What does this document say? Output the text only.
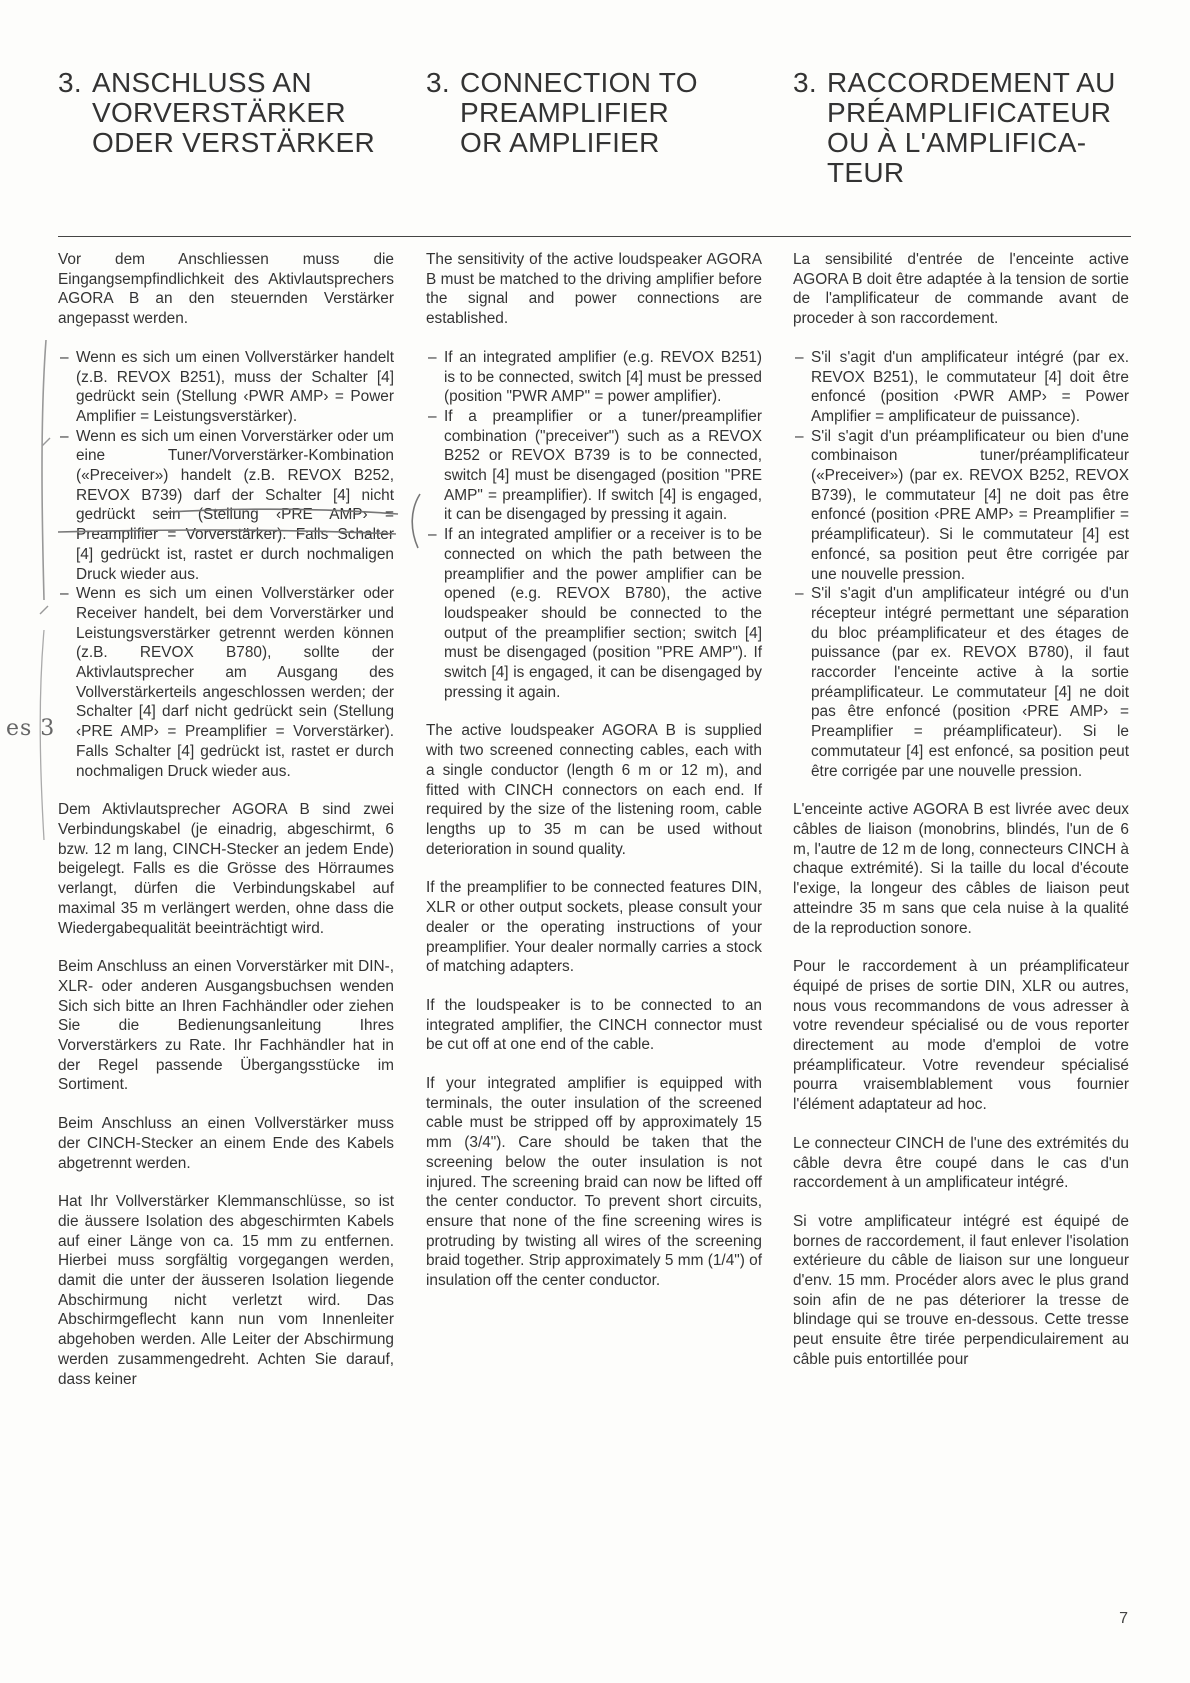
3. ANSCHLUSS AN
VORVERSTÄRKER
ODER VERSTÄRKER
3. CONNECTION TO
PREAMPLIFIER
OR AMPLIFIER
3. RACCORDEMENT AU
PRÉAMPLIFICATEUR
OU À L'AMPLIFICA-
TEUR

Vor dem Anschliessen muss die Eingangsempfindlichkeit des Aktivlautsprechers AGORA B an den steuernden Verstärker angepasst werden.

– Wenn es sich um einen Vollverstärker handelt (z.B. REVOX B251), muss der Schalter [4] gedrückt sein (Stellung ‹PWR AMP› = Power Amplifier = Leistungsverstärker).
– Wenn es sich um einen Vorverstärker oder um eine Tuner/Vorverstärker-Kombination («Preceiver») handelt (z.B. REVOX B252, REVOX B739) darf der Schalter [4] nicht gedrückt sein (Stellung ‹PRE AMP› = Preamplifier = Vorverstärker). Falls Schalter [4] gedrückt ist, rastet er durch nochmaligen Druck wieder aus.
– Wenn es sich um einen Vollverstärker oder Receiver handelt, bei dem Vorverstärker und Leistungsverstärker getrennt werden können (z.B. REVOX B780), sollte der Aktivlautsprecher am Ausgang des Vollverstärkerteils angeschlossen werden; der Schalter [4] darf nicht gedrückt sein (Stellung ‹PRE AMP› = Preamplifier = Vorverstärker). Falls Schalter [4] gedrückt ist, rastet er durch nochmaligen Druck wieder aus.

Dem Aktivlautsprecher AGORA B sind zwei Verbindungskabel (je einadrig, abgeschirmt, 6 bzw. 12 m lang, CINCH-Stecker an jedem Ende) beigelegt. Falls es die Grösse des Hörraumes verlangt, dürfen die Verbindungskabel auf maximal 35 m verlängert werden, ohne dass die Wiedergabequalität beeinträchtigt wird.

Beim Anschluss an einen Vorverstärker mit DIN-, XLR- oder anderen Ausgangsbuchsen wenden Sich sich bitte an Ihren Fachhändler oder ziehen Sie die Bedienungsanleitung Ihres Vorverstärkers zu Rate. Ihr Fachhändler hat in der Regel passende Übergangsstücke im Sortiment.

Beim Anschluss an einen Vollverstärker muss der CINCH-Stecker an einem Ende des Kabels abgetrennt werden.

Hat Ihr Vollverstärker Klemmanschlüsse, so ist die äussere Isolation des abgeschirmten Kabels auf einer Länge von ca. 15 mm zu entfernen. Hierbei muss sorgfältig vorgegangen werden, damit die unter der äusseren Isolation liegende Abschirmung nicht verletzt wird. Das Abschirmgeflecht kann nun vom Innenleiter abgehoben werden. Alle Leiter der Abschirmung werden zusammengedreht. Achten Sie darauf, dass keiner

The sensitivity of the active loudspeaker AGORA B must be matched to the driving amplifier before the signal and power connections are established.

– If an integrated amplifier (e.g. REVOX B251) is to be connected, switch [4] must be pressed (position "PWR AMP" = power amplifier).
– If a preamplifier or a tuner/preamplifier combination ("preceiver") such as a REVOX B252 or REVOX B739 is to be connected, switch [4] must be disengaged (position "PRE AMP" = preamplifier). If switch [4] is engaged, it can be disengaged by pressing it again.
– If an integrated amplifier or a receiver is to be connected on which the path between the preamplifier and the power amplifier can be opened (e.g. REVOX B780), the active loudspeaker should be connected to the output of the preamplifier section; switch [4] must be disengaged (position "PRE AMP"). If switch [4] is engaged, it can be disengaged by pressing it again.

The active loudspeaker AGORA B is supplied with two screened connecting cables, each with a single conductor (length 6 m or 12 m), and fitted with CINCH connectors on each end. If required by the size of the listening room, cable lengths up to 35 m can be used without deterioration in sound quality.

If the preamplifier to be connected features DIN, XLR or other output sockets, please consult your dealer or the operating instructions of your preamplifier. Your dealer normally carries a stock of matching adapters.

If the loudspeaker is to be connected to an integrated amplifier, the CINCH connector must be cut off at one end of the cable.

If your integrated amplifier is equipped with terminals, the outer insulation of the screened cable must be stripped off by approximately 15 mm (3/4"). Care should be taken that the screening below the outer insulation is not injured. The screening braid can now be lifted off the center conductor. To prevent short circuits, ensure that none of the fine screening wires is protruding by twisting all wires of the screening braid together. Strip approximately 5 mm (1/4") of insulation off the center conductor.

La sensibilité d'entrée de l'enceinte active AGORA B doit être adaptée à la tension de sortie de l'amplificateur de commande avant de proceder à son raccordement.

– S'il s'agit d'un amplificateur intégré (par ex. REVOX B251), le commutateur [4] doit être enfoncé (position ‹PWR AMP› = Power Amplifier = amplificateur de puissance).
– S'il s'agit d'un préamplificateur ou bien d'une combinaison tuner/préamplificateur («Preceiver») (par ex. REVOX B252, REVOX B739), le commutateur [4] ne doit pas être enfoncé (position ‹PRE AMP› = Preamplifier = préamplificateur). Si le commutateur [4] est enfoncé, sa position peut être corrigée par une nouvelle pression.
– S'il s'agit d'un amplificateur intégré ou d'un récepteur intégré permettant une séparation du bloc préamplificateur et des étages de puissance (par ex. REVOX B780), il faut raccorder l'enceinte active à la sortie préamplificateur. Le commutateur [4] ne doit pas être enfoncé (position ‹PRE AMP› = Preamplifier = préamplificateur). Si le commutateur [4] est enfoncé, sa position peut être corrigée par une nouvelle pression.

L'enceinte active AGORA B est livrée avec deux câbles de liaison (monobrins, blindés, l'un de 6 m, l'autre de 12 m de long, connecteurs CINCH à chaque extrémité). Si la taille du local d'écoute l'exige, la longeur des câbles de liaison peut atteindre 35 m sans que cela nuise à la qualité de la reproduction sonore.

Pour le raccordement à un préamplificateur équipé de prises de sortie DIN, XLR ou autres, nous vous recommandons de vous adresser à votre revendeur spécialisé ou de vous reporter directement au mode d'emploi de votre préamplificateur. Votre revendeur spécialisé pourra vraisemblablement vous fournier l'élément adaptateur ad hoc.

Le connecteur CINCH de l'une des extrémités du câble devra être coupé dans le cas d'un raccordement à un amplificateur intégré.

Si votre amplificateur intégré est équipé de bornes de raccordement, il faut enlever l'isolation extérieure du câble de liaison sur une longueur d'env. 15 mm. Procéder alors avec le plus grand soin afin de ne pas déteriorer la tresse de blindage qui se trouve en-dessous. Cette tresse peut ensuite être tirée perpendiculairement au câble puis entortillée pour

es 3
7
